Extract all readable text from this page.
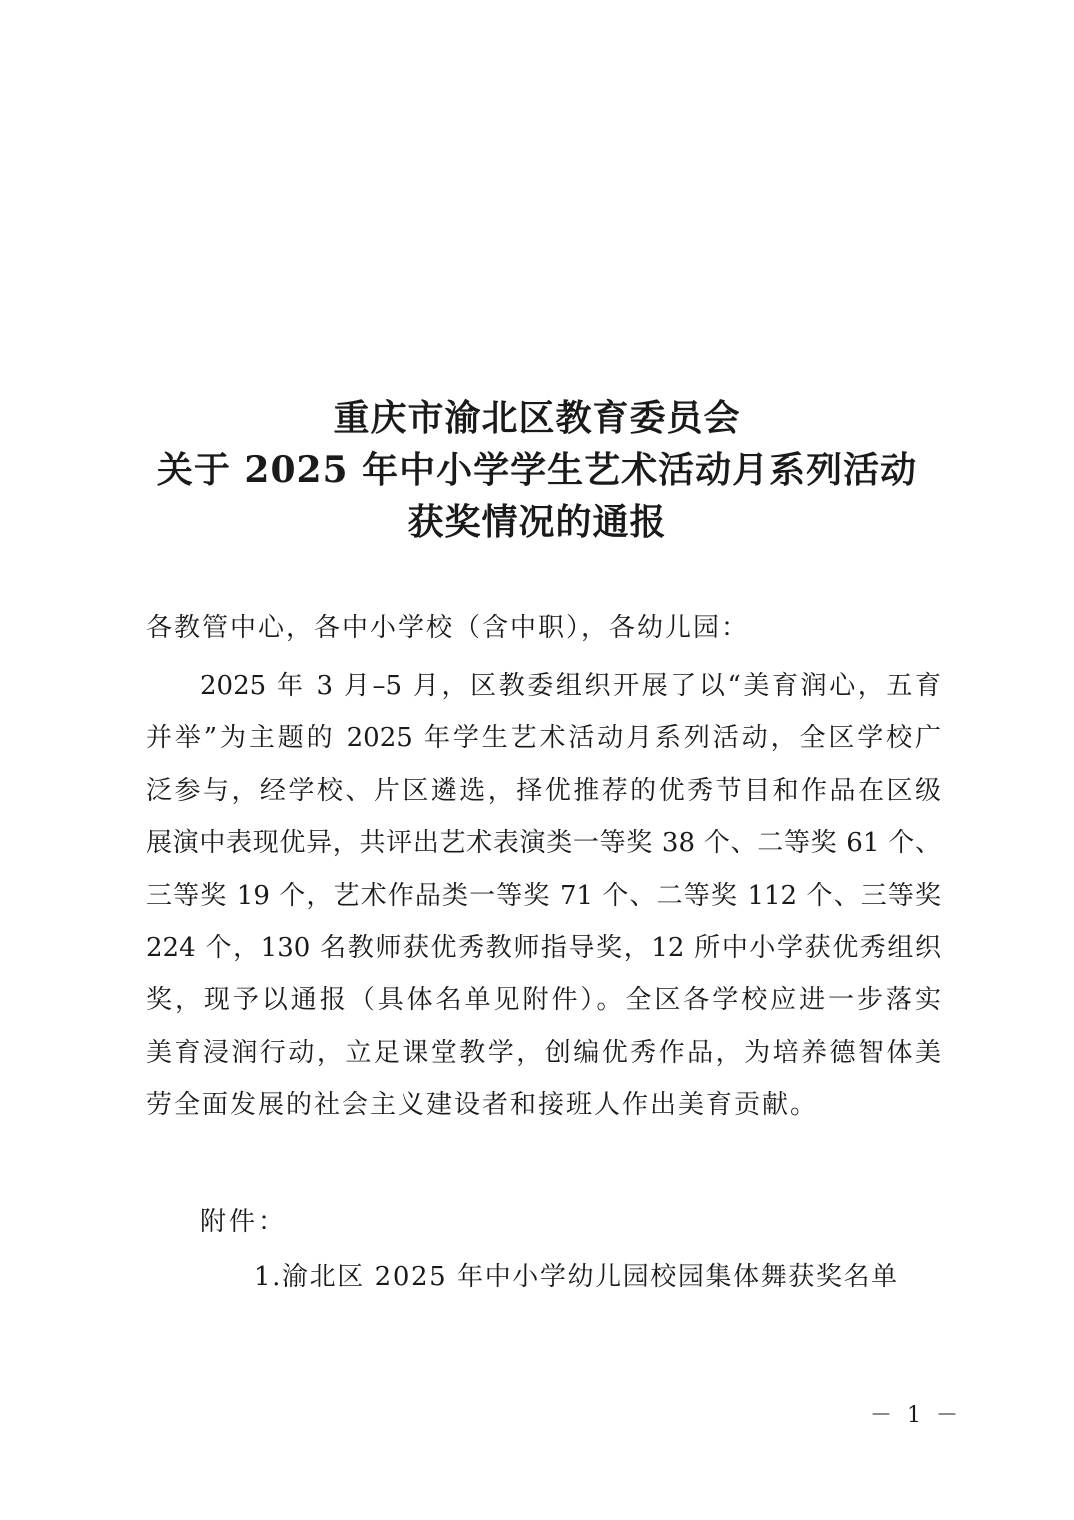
重庆市渝北区教育委员会
关于 2025 年中小学学生艺术活动月系列活动
获奖情况的通报
各教管中心，各中小学校（含中职），各幼儿园：
2025 年 3 月–5 月，区教委组织开展了以“美育润心，五育
并举”为主题的 2025 年学生艺术活动月系列活动，全区学校广
泛参与，经学校、片区遴选，择优推荐的优秀节目和作品在区级
展演中表现优异，共评出艺术表演类一等奖 38 个、二等奖 61 个、
三等奖 19 个，艺术作品类一等奖 71 个、二等奖 112 个、三等奖
224 个，130 名教师获优秀教师指导奖，12 所中小学获优秀组织
奖，现予以通报（具体名单见附件）。全区各学校应进一步落实
美育浸润行动，立足课堂教学，创编优秀作品，为培养德智体美
劳全面发展的社会主义建设者和接班人作出美育贡献。
附件：
1.渝北区 2025 年中小学幼儿园校园集体舞获奖名单
－ 1 －
